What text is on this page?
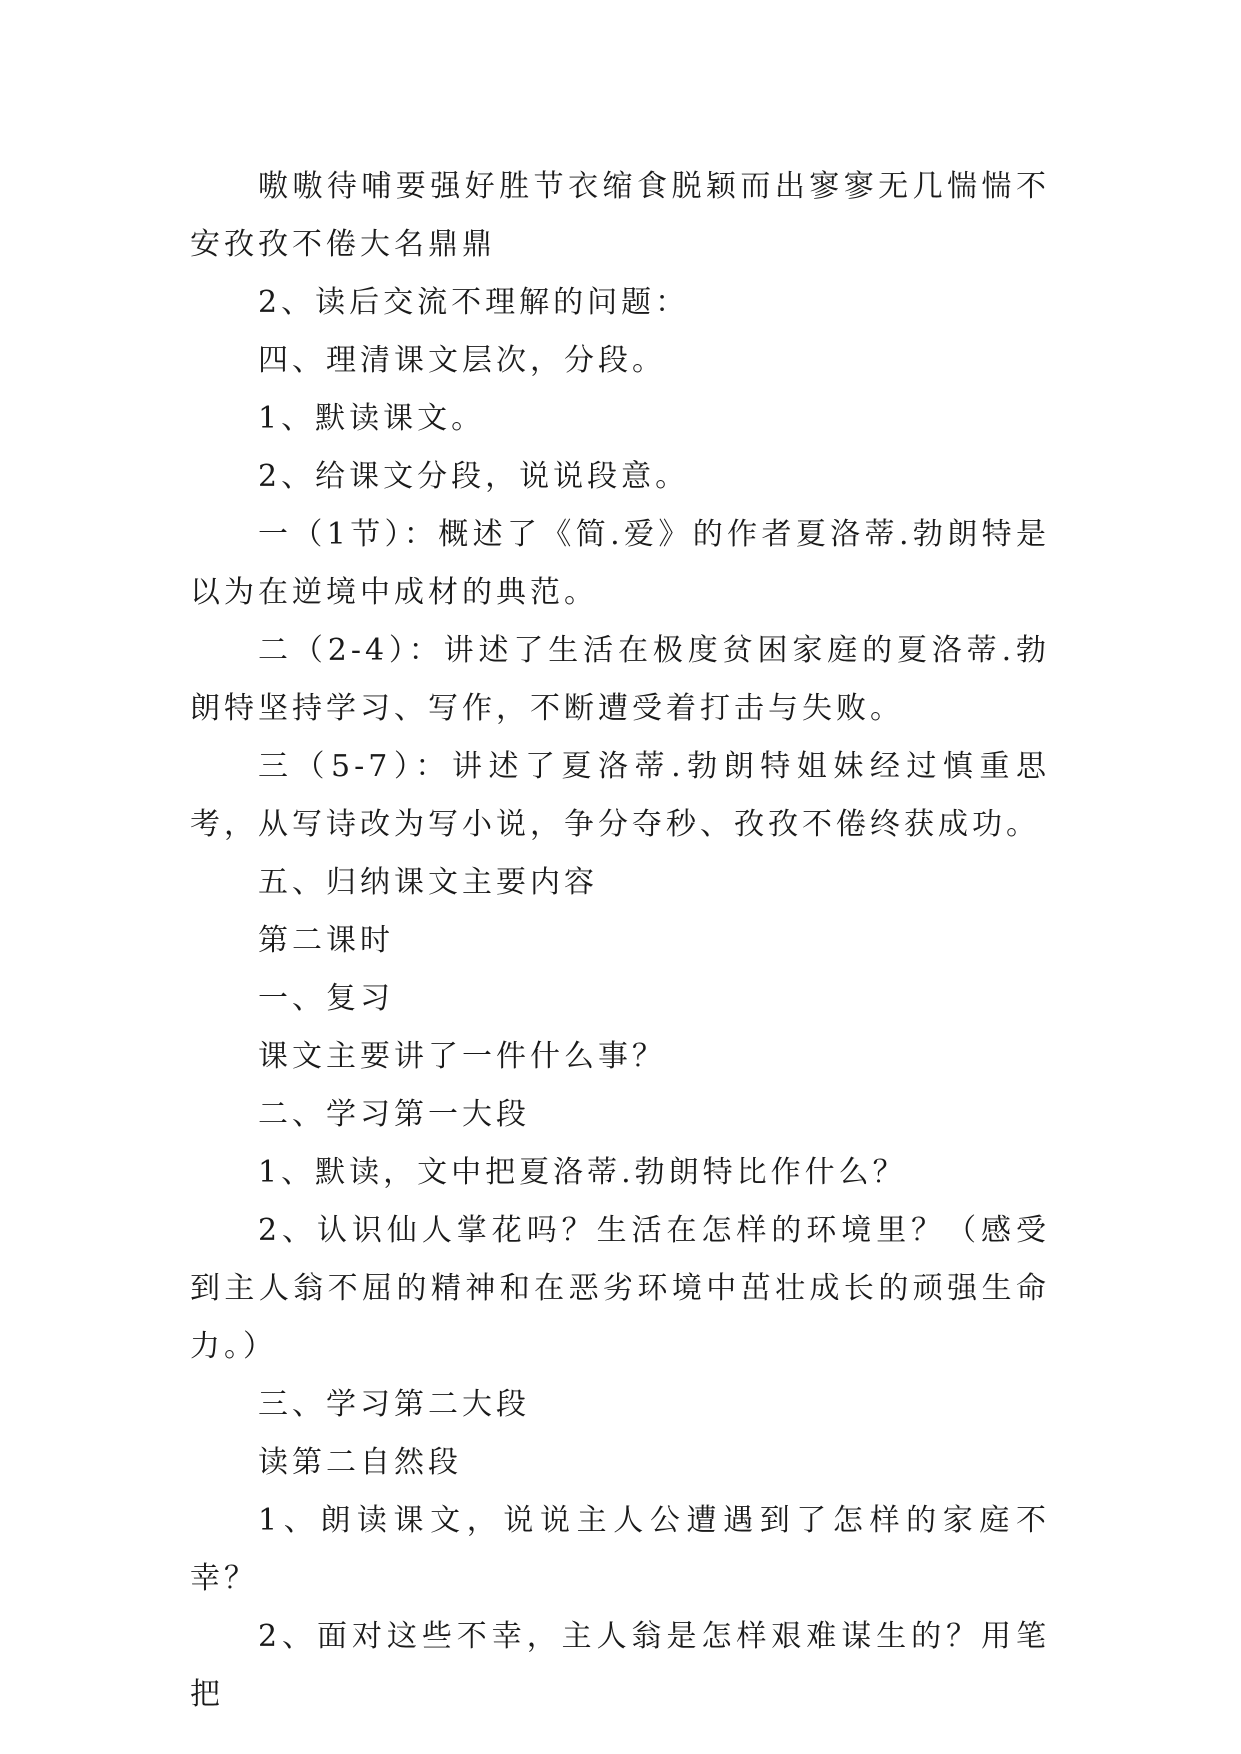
嗷嗷待哺要强好胜节衣缩食脱颖而出寥寥无几惴惴不安孜孜不倦大名鼎鼎

2、读后交流不理解的问题：

四、理清课文层次，分段。

1、默读课文。

2、给课文分段，说说段意。

一（1节）：概述了《简.爱》的作者夏洛蒂.勃朗特是以为在逆境中成材的典范。

二（2-4）：讲述了生活在极度贫困家庭的夏洛蒂.勃朗特坚持学习、写作，不断遭受着打击与失败。

三（5-7）：讲述了夏洛蒂.勃朗特姐妹经过慎重思考，从写诗改为写小说，争分夺秒、孜孜不倦终获成功。

五、归纳课文主要内容

第二课时

一、复习

课文主要讲了一件什么事？

二、学习第一大段

1、默读，文中把夏洛蒂.勃朗特比作什么？

2、认识仙人掌花吗？生活在怎样的环境里？（感受到主人翁不屈的精神和在恶劣环境中茁壮成长的顽强生命力。）

三、学习第二大段

读第二自然段

1、朗读课文，说说主人公遭遇到了怎样的家庭不幸？

2、面对这些不幸，主人翁是怎样艰难谋生的？用笔把
